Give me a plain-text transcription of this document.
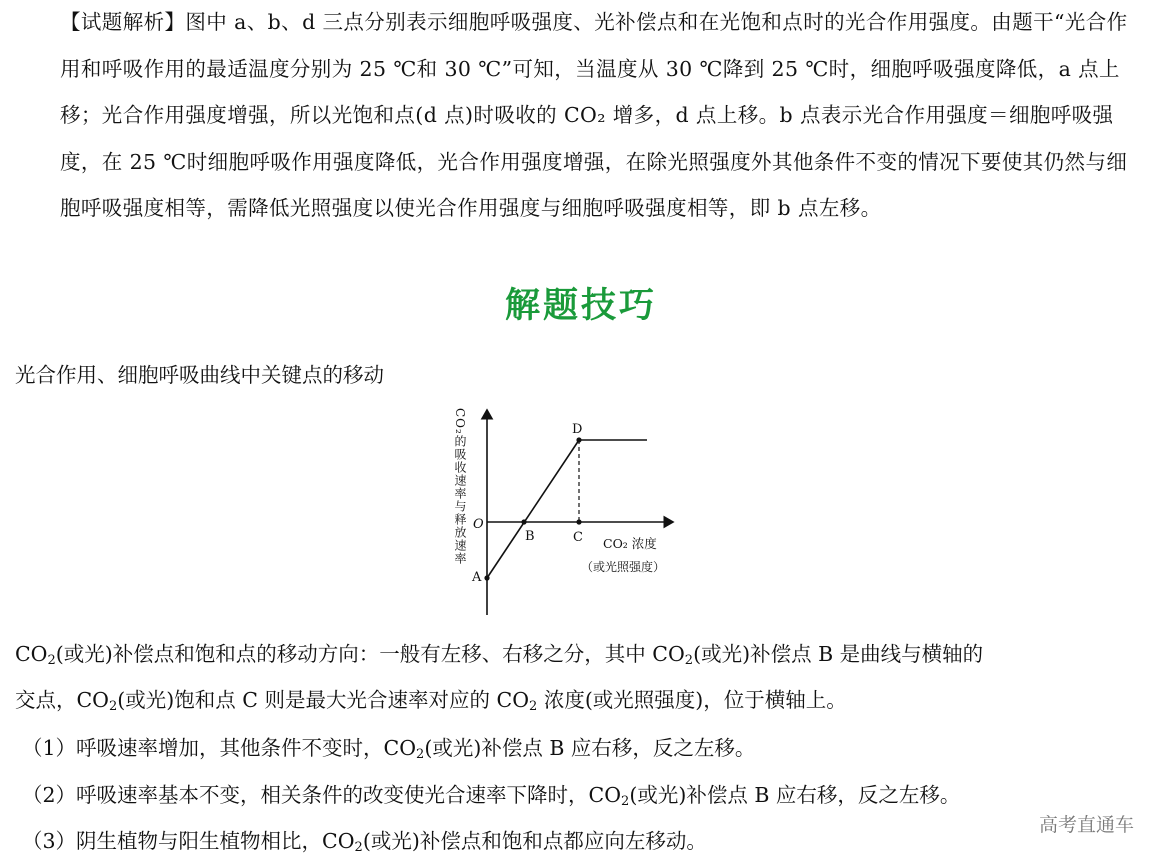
【试题解析】图中 a、b、d 三点分别表示细胞呼吸强度、光补偿点和在光饱和点时的光合作用强度。由题干“光合作用和呼吸作用的最适温度分别为 25 ℃和 30 ℃”可知，当温度从 30 ℃降到 25 ℃时，细胞呼吸强度降低，a 点上移；光合作用强度增强，所以光饱和点(d 点)时吸收的 CO₂ 增多，d 点上移。b 点表示光合作用强度＝细胞呼吸强度，在 25 ℃时细胞呼吸作用强度降低，光合作用强度增强，在除光照强度外其他条件不变的情况下要使其仍然与细胞呼吸强度相等，需降低光照强度以使光合作用强度与细胞呼吸强度相等，即 b 点左移。
解题技巧
光合作用、细胞呼吸曲线中关键点的移动
D
B	C
A
O
CO₂的吸收速率与释放速率	CO₂ 浓度
（或光照强度）
$CO_2$(或光)补偿点和饱和点的移动方向：一般有左移、右移之分，其中 $CO_2$(或光)补偿点 B 是曲线与横轴的
交点，$CO_2$(或光)饱和点 C 则是最大光合速率对应的 $CO_2$ 浓度(或光照强度)，位于横轴上。
（1）呼吸速率增加，其他条件不变时，$CO_2$(或光)补偿点 B 应右移，反之左移。
（2）呼吸速率基本不变，相关条件的改变使光合速率下降时，$CO_2$(或光)补偿点 B 应右移，反之左移。
（3）阴生植物与阳生植物相比，$CO_2$(或光)补偿点和饱和点都应向左移动。
高考直通车
